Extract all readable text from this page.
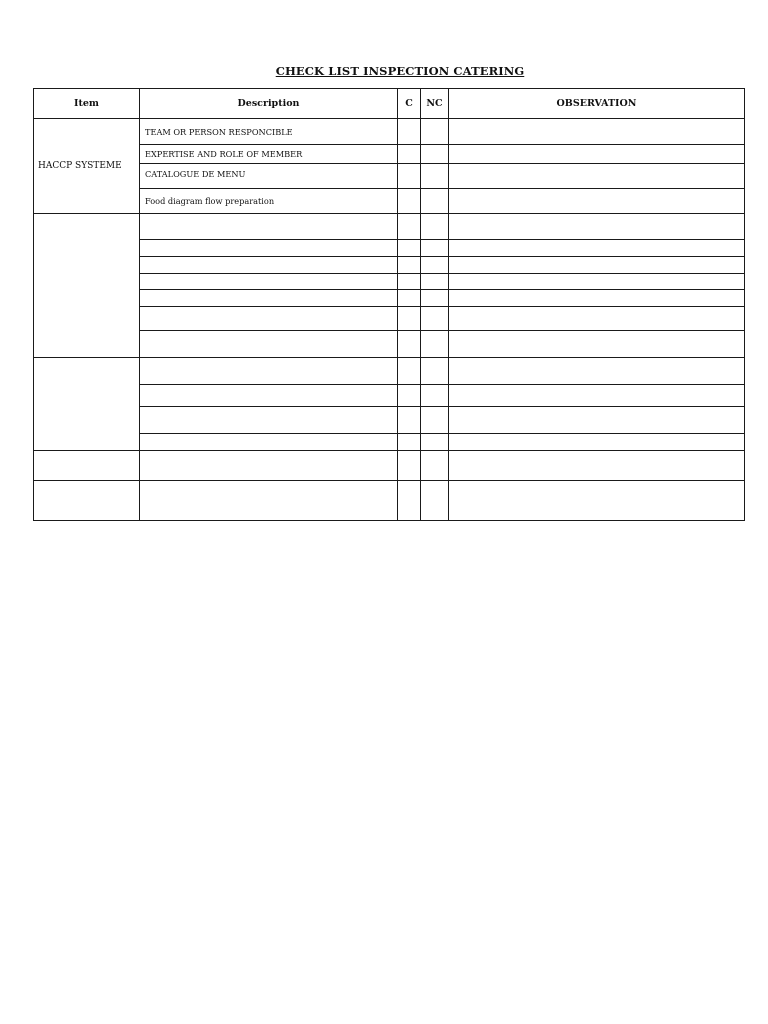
CHECK LIST INSPECTION CATERING
Item	Description	C	NC	OBSERVATION
HACCP SYSTEME	TEAM OR PERSON RESPONCIBLE			
	EXPERTISE AND ROLE OF MEMBER			
	CATALOGUE DE MENU			
	Food diagram flow preparation			
